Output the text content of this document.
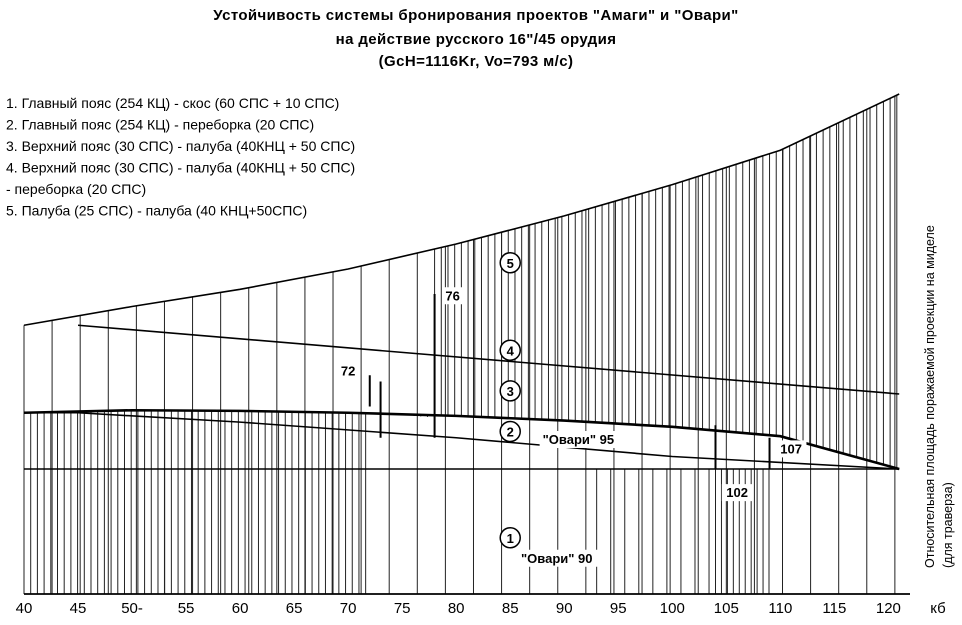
Устойчивость системы бронирования проектов "Амаги" и "Овари"
на действие русского 16"/45 орудия
(GcH=1116Kr, Vo=793 м/с)
1. Главный пояс (254 КЦ) - скос (60 СПС + 10 СПС)
2. Главный пояс (254 КЦ) - переборка (20 СПС)
3. Верхний пояс (30 СПС) - палуба (40КНЦ + 50 СПС)
4. Верхний пояс (30 СПС) - палуба (40КНЦ + 50 СПС)
- переборка (20 СПС)
5. Палуба (25 СПС) - палуба (40 КНЦ+50СПС)
40 45 50- 55 60 65 70 75 80 85 90 95 100 105 110 115 120 кб
1
2
3
4
5
72
76
102
107
"Овари" 95
"Овари" 90	Относительная площадь поражаемой проекции на миделе (для траверза)
